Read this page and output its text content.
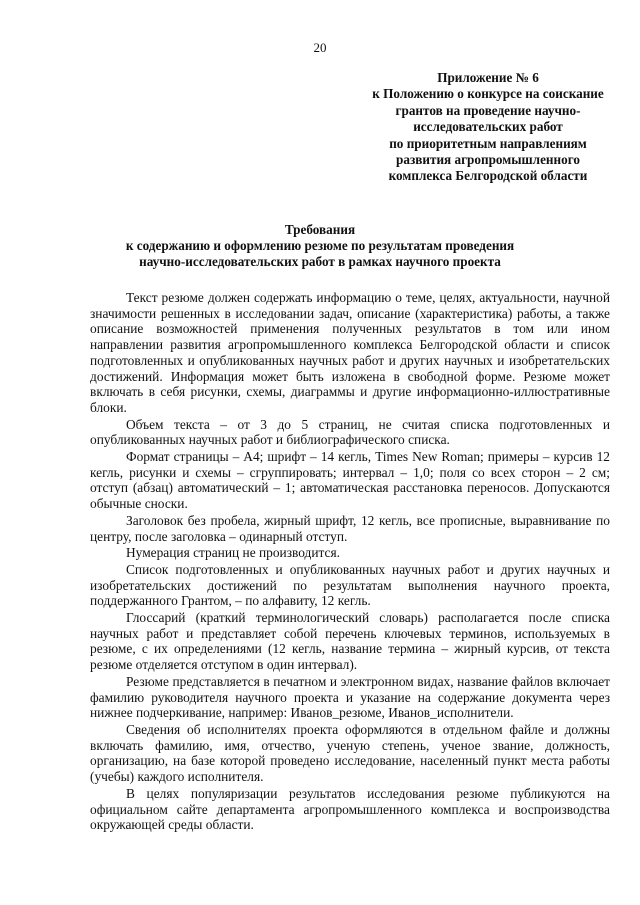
20
Приложение № 6
к Положению о конкурсе на соискание
грантов на проведение научно-
исследовательских работ
по приоритетным направлениям
развития агропромышленного
комплекса Белгородской области
Требования
к содержанию и оформлению резюме по результатам проведения
научно-исследовательских работ в рамках научного проекта

Текст резюме должен содержать информацию о теме, целях, актуальности, научной значимости решенных в исследовании задач, описание (характеристика) работы, а также описание возможностей применения полученных результатов в том или ином направлении развития агропромышленного комплекса Белгородской области и список подготовленных и опубликованных научных работ и других научных и изобретательских достижений. Информация может быть изложена в свободной форме. Резюме может включать в себя рисунки, схемы, диаграммы и другие информационно-иллюстративные блоки.

Объем текста – от 3 до 5 страниц, не считая списка подготовленных и опубликованных научных работ и библиографического списка.

Формат страницы – А4; шрифт – 14 кегль, Times New Roman; примеры – курсив 12 кегль, рисунки и схемы – сгруппировать; интервал – 1,0; поля со всех сторон – 2 см; отступ (абзац) автоматический – 1; автоматическая расстановка переносов. Допускаются обычные сноски.

Заголовок без пробела, жирный шрифт, 12 кегль, все прописные, выравнивание по центру, после заголовка – одинарный отступ.

Нумерация страниц не производится.

Список подготовленных и опубликованных научных работ и других научных и изобретательских достижений по результатам выполнения научного проекта, поддержанного Грантом, – по алфавиту, 12 кегль.

Глоссарий (краткий терминологический словарь) располагается после списка научных работ и представляет собой перечень ключевых терминов, используемых в резюме, с их определениями (12 кегль, название термина – жирный курсив, от текста резюме отделяется отступом в один интервал).

Резюме представляется в печатном и электронном видах, название файлов включает фамилию руководителя научного проекта и указание на содержание документа через нижнее подчеркивание, например: Иванов_резюме, Иванов_исполнители.

Сведения об исполнителях проекта оформляются в отдельном файле и должны включать фамилию, имя, отчество, ученую степень, ученое звание, должность, организацию, на базе которой проведено исследование, населенный пункт места работы (учебы) каждого исполнителя.

В целях популяризации результатов исследования резюме публикуются на официальном сайте департамента агропромышленного комплекса и воспроизводства окружающей среды области.
